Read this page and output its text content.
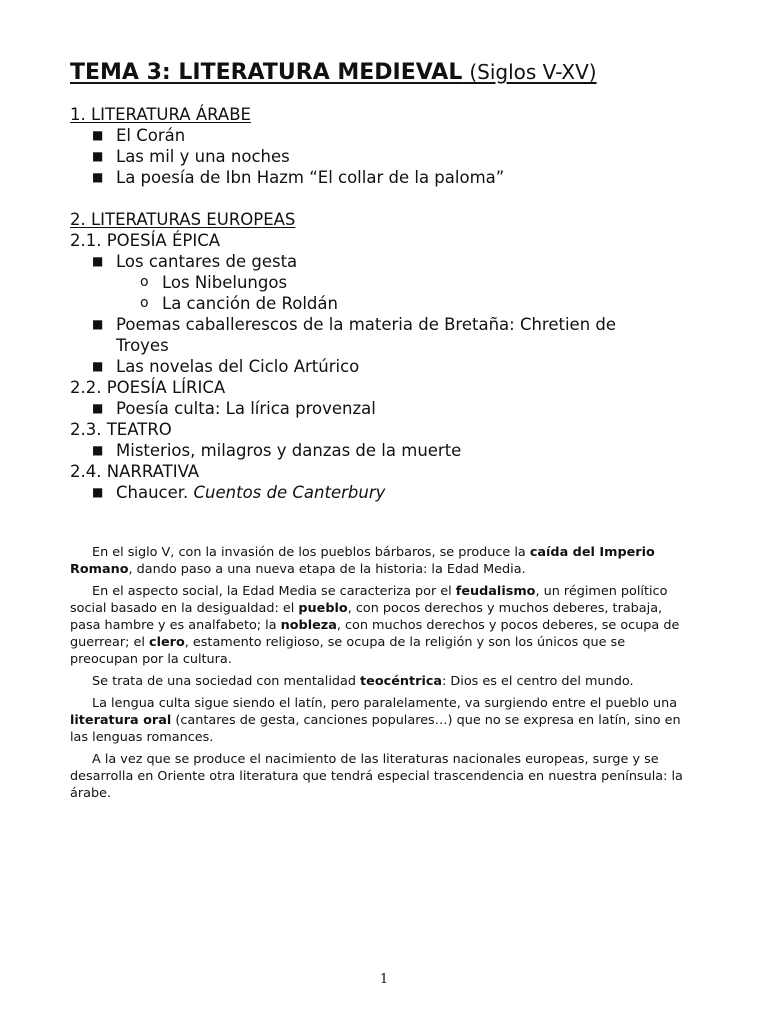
TEMA 3: LITERATURA MEDIEVAL (Siglos V-XV)
1. LITERATURA ÁRABE
■ El Corán
■ Las mil y una noches
■ La poesía de Ibn Hazm “El collar de la paloma”
2. LITERATURAS EUROPEAS
2.1. POESÍA ÉPICA
■ Los cantares de gesta
o Los Nibelungos
o La canción de Roldán
■ Poemas caballerescos de la materia de Bretaña: Chretien de
Troyes
■ Las novelas del Ciclo Artúrico
2.2. POESÍA LÍRICA
■ Poesía culta: La lírica provenzal
2.3. TEATRO
■ Misterios, milagros y danzas de la muerte
2.4. NARRATIVA
■ Chaucer. Cuentos de Canterbury

En el siglo V, con la invasión de los pueblos bárbaros, se produce la caída del Imperio Romano, dando paso a una nueva etapa de la historia: la Edad Media.

En el aspecto social, la Edad Media se caracteriza por el feudalismo, un régimen político social basado en la desigualdad: el pueblo, con pocos derechos y muchos deberes, trabaja, pasa hambre y es analfabeto; la nobleza, con muchos derechos y pocos deberes, se ocupa de guerrear; el clero, estamento religioso, se ocupa de la religión y son los únicos que se preocupan por la cultura.

Se trata de una sociedad con mentalidad teocéntrica: Dios es el centro del mundo.

La lengua culta sigue siendo el latín, pero paralelamente, va surgiendo entre el pueblo una literatura oral (cantares de gesta, canciones populares…) que no se expresa en latín, sino en las lenguas romances.

A la vez que se produce el nacimiento de las literaturas nacionales europeas, surge y se desarrolla en Oriente otra literatura que tendrá especial trascendencia en nuestra península: la árabe.

1
